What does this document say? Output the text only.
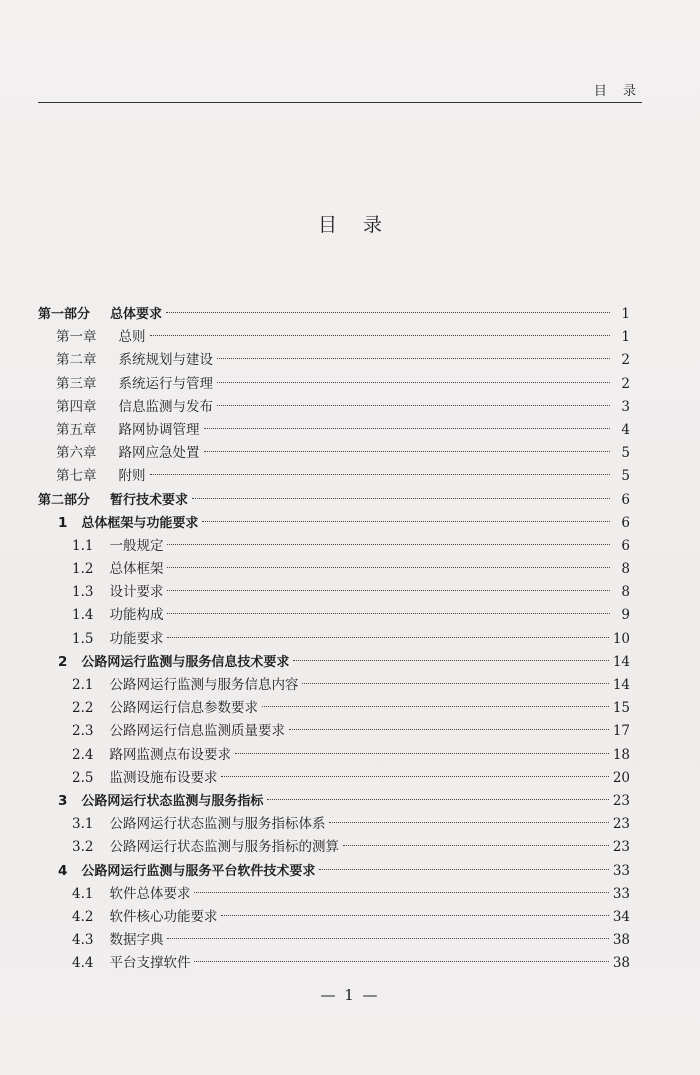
目 录
目录
第一部分 总体要求	1
第一章 总则	1
第二章 系统规划与建设	2
第三章 系统运行与管理	2
第四章 信息监测与发布	3
第五章 路网协调管理	4
第六章 路网应急处置	5
第七章 附则	5
第二部分 暂行技术要求	6
1 总体框架与功能要求	6
1.1 一般规定	6
1.2 总体框架	8
1.3 设计要求	8
1.4 功能构成	9
1.5 功能要求	10
2 公路网运行监测与服务信息技术要求	14
2.1 公路网运行监测与服务信息内容	14
2.2 公路网运行信息参数要求	15
2.3 公路网运行信息监测质量要求	17
2.4 路网监测点布设要求	18
2.5 监测设施布设要求	20
3 公路网运行状态监测与服务指标	23
3.1 公路网运行状态监测与服务指标体系	23
3.2 公路网运行状态监测与服务指标的测算	23
4 公路网运行监测与服务平台软件技术要求	33
4.1 软件总体要求	33
4.2 软件核心功能要求	34
4.3 数据字典	38
4.4 平台支撑软件	38
— 1 —
